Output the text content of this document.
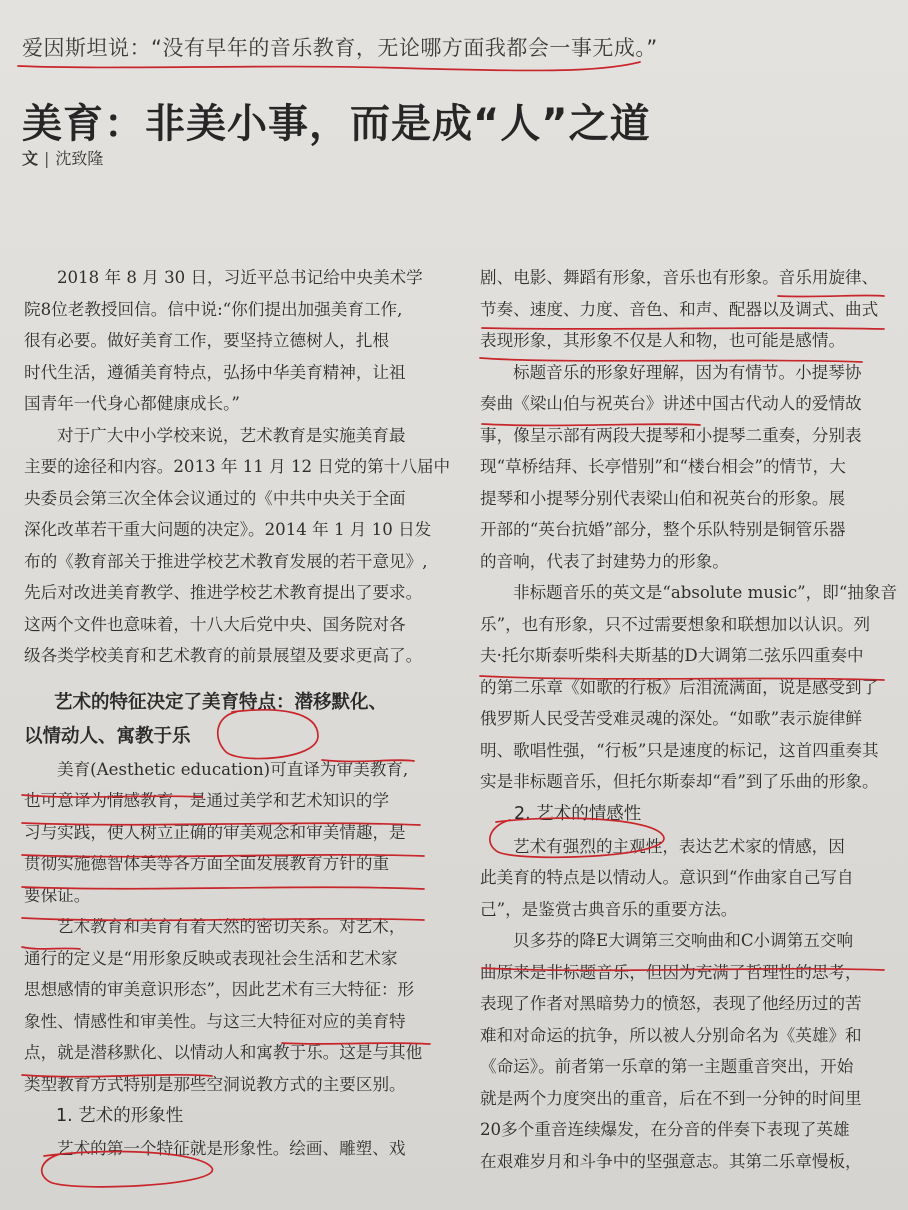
爱因斯坦说：“没有早年的音乐教育，无论哪方面我都会一事无成。”
美育：非美小事，而是成“人”之道
文 | 沈致隆
2018 年 8 月 30 日，习近平总书记给中央美术学
院8位老教授回信。信中说:“你们提出加强美育工作,
很有必要。做好美育工作，要坚持立德树人，扎根
时代生活，遵循美育特点，弘扬中华美育精神，让祖
国青年一代身心都健康成长。”
对于广大中小学校来说，艺术教育是实施美育最
主要的途径和内容。2013 年 11 月 12 日党的第十八届中
央委员会第三次全体会议通过的《中共中央关于全面
深化改革若干重大问题的决定》。2014 年 1 月 10 日发
布的《教育部关于推进学校艺术教育发展的若干意见》,
先后对改进美育教学、推进学校艺术教育提出了要求。
这两个文件也意味着，十八大后党中央、国务院对各
级各类学校美育和艺术教育的前景展望及要求更高了。
艺术的特征决定了美育特点：潜移默化、
以情动人、寓教于乐
美育(Aesthetic education)可直译为审美教育,
也可意译为情感教育，是通过美学和艺术知识的学
习与实践，使人树立正确的审美观念和审美情趣，是
贯彻实施德智体美等各方面全面发展教育方针的重
要保证。
艺术教育和美育有着天然的密切关系。对艺术，
通行的定义是“用形象反映或表现社会生活和艺术家
思想感情的审美意识形态”，因此艺术有三大特征：形
象性、情感性和审美性。与这三大特征对应的美育特
点，就是潜移默化、以情动人和寓教于乐。这是与其他
类型教育方式特别是那些空洞说教方式的主要区别。
1. 艺术的形象性
艺术的第一个特征就是形象性。绘画、雕塑、戏
剧、电影、舞蹈有形象，音乐也有形象。音乐用旋律、
节奏、速度、力度、音色、和声、配器以及调式、曲式
表现形象，其形象不仅是人和物，也可能是感情。
标题音乐的形象好理解，因为有情节。小提琴协
奏曲《梁山伯与祝英台》讲述中国古代动人的爱情故
事，像呈示部有两段大提琴和小提琴二重奏，分别表
现“草桥结拜、长亭惜别”和“楼台相会”的情节，大
提琴和小提琴分别代表梁山伯和祝英台的形象。展
开部的“英台抗婚”部分，整个乐队特别是铜管乐器
的音响，代表了封建势力的形象。
非标题音乐的英文是“absolute music”，即“抽象音
乐”，也有形象，只不过需要想象和联想加以认识。列
夫·托尔斯泰听柴科夫斯基的D大调第二弦乐四重奏中
的第二乐章《如歌的行板》后泪流满面，说是感受到了
俄罗斯人民受苦受难灵魂的深处。“如歌”表示旋律鲜
明、歌唱性强，“行板”只是速度的标记，这首四重奏其
实是非标题音乐，但托尔斯泰却“看”到了乐曲的形象。
2. 艺术的情感性
艺术有强烈的主观性，表达艺术家的情感，因
此美育的特点是以情动人。意识到“作曲家自己写自
己”，是鉴赏古典音乐的重要方法。
贝多芬的降E大调第三交响曲和C小调第五交响
曲原来是非标题音乐，但因为充满了哲理性的思考，
表现了作者对黑暗势力的愤怒，表现了他经历过的苦
难和对命运的抗争，所以被人分别命名为《英雄》和
《命运》。前者第一乐章的第一主题重音突出，开始
就是两个力度突出的重音，后在不到一分钟的时间里
20多个重音连续爆发，在分音的伴奏下表现了英雄
在艰难岁月和斗争中的坚强意志。其第二乐章慢板，
